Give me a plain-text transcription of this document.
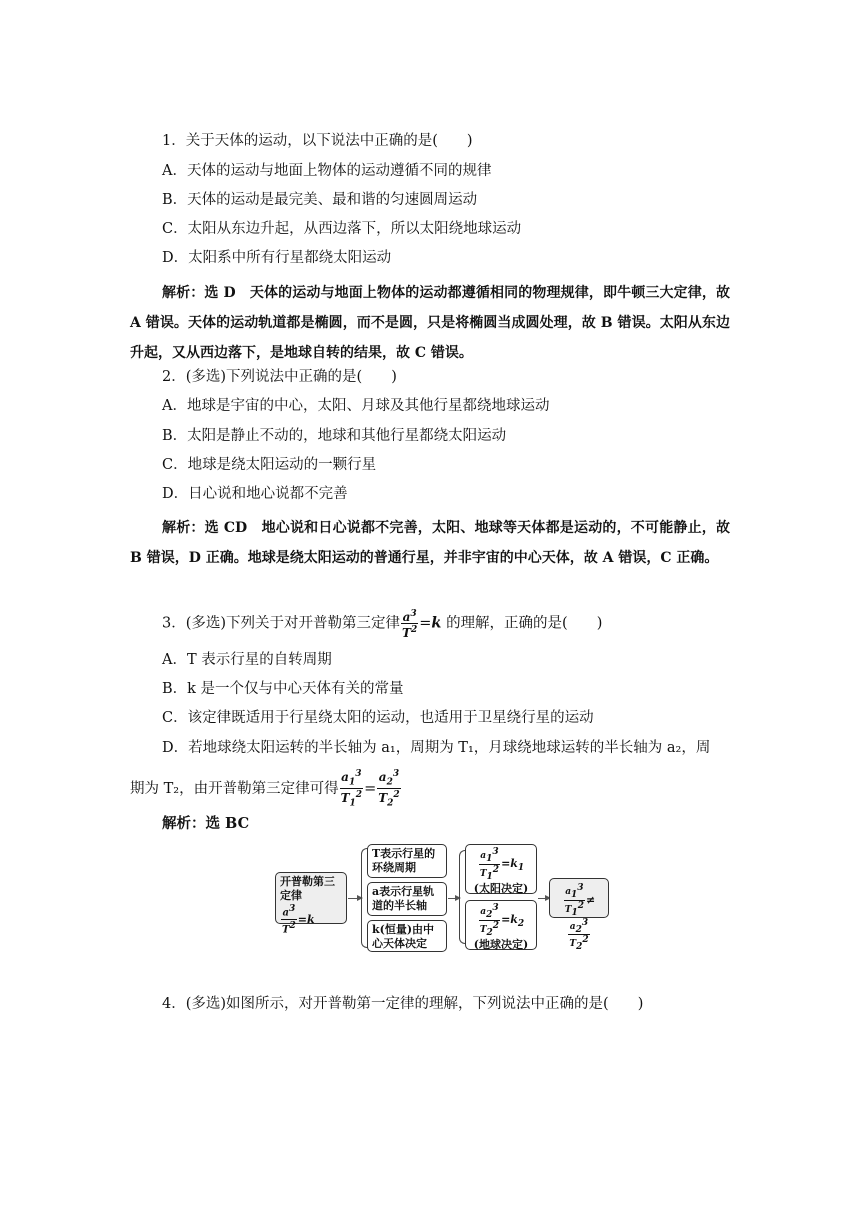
1．关于天体的运动，以下说法中正确的是(　　)
A．天体的运动与地面上物体的运动遵循不同的规律
B．天体的运动是最完美、最和谐的匀速圆周运动
C．太阳从东边升起，从西边落下，所以太阳绕地球运动
D．太阳系中所有行星都绕太阳运动
解析：选 D　天体的运动与地面上物体的运动都遵循相同的物理规律，即牛顿三大定律，故 A 错误。天体的运动轨道都是椭圆，而不是圆，只是将椭圆当成圆处理，故 B 错误。太阳从东边升起，又从西边落下，是地球自转的结果，故 C 错误。
2．(多选)下列说法中正确的是(　　)
A．地球是宇宙的中心，太阳、月球及其他行星都绕地球运动
B．太阳是静止不动的，地球和其他行星都绕太阳运动
C．地球是绕太阳运动的一颗行星
D．日心说和地心说都不完善
解析：选 CD　地心说和日心说都不完善，太阳、地球等天体都是运动的，不可能静止，故 B 错误，D 正确。地球是绕太阳运动的普通行星，并非宇宙的中心天体，故 A 错误，C 正确。
3．(多选)下列关于对开普勒第三定律 $\frac{a^3}{T^2} =k$ 的理解，正确的是(　　)
A．T 表示行星的自转周期
B．k 是一个仅与中心天体有关的常量
C．该定律既适用于行星绕太阳的运动，也适用于卫星绕行星的运动
D．若地球绕太阳运转的半长轴为 a₁，周期为 T₁，月球绕地球运转的半长轴为 a₂，周
期为 T₂，由开普勒第三定律可得 $\frac{a_1^3}{T_1^2} = \frac{a_2^3}{T_2^2}$
解析：选 BC
开普勒第三定律
$\frac{a^3}{T^2} =k$
T表示行星的环绕周期
a表示行星轨道的半长轴
k(恒量)由中心天体决定
$\frac{a_1^3}{T_1^2} =k_1$
(太阳决定)
$\frac{a_2^3}{T_2^2} =k_2$
(地球决定)
$\frac{a_1^3}{T_1^2}$ ≠
$\frac{a_2^3}{T_2^2}$
4．(多选)如图所示，对开普勒第一定律的理解，下列说法中正确的是(　　)
